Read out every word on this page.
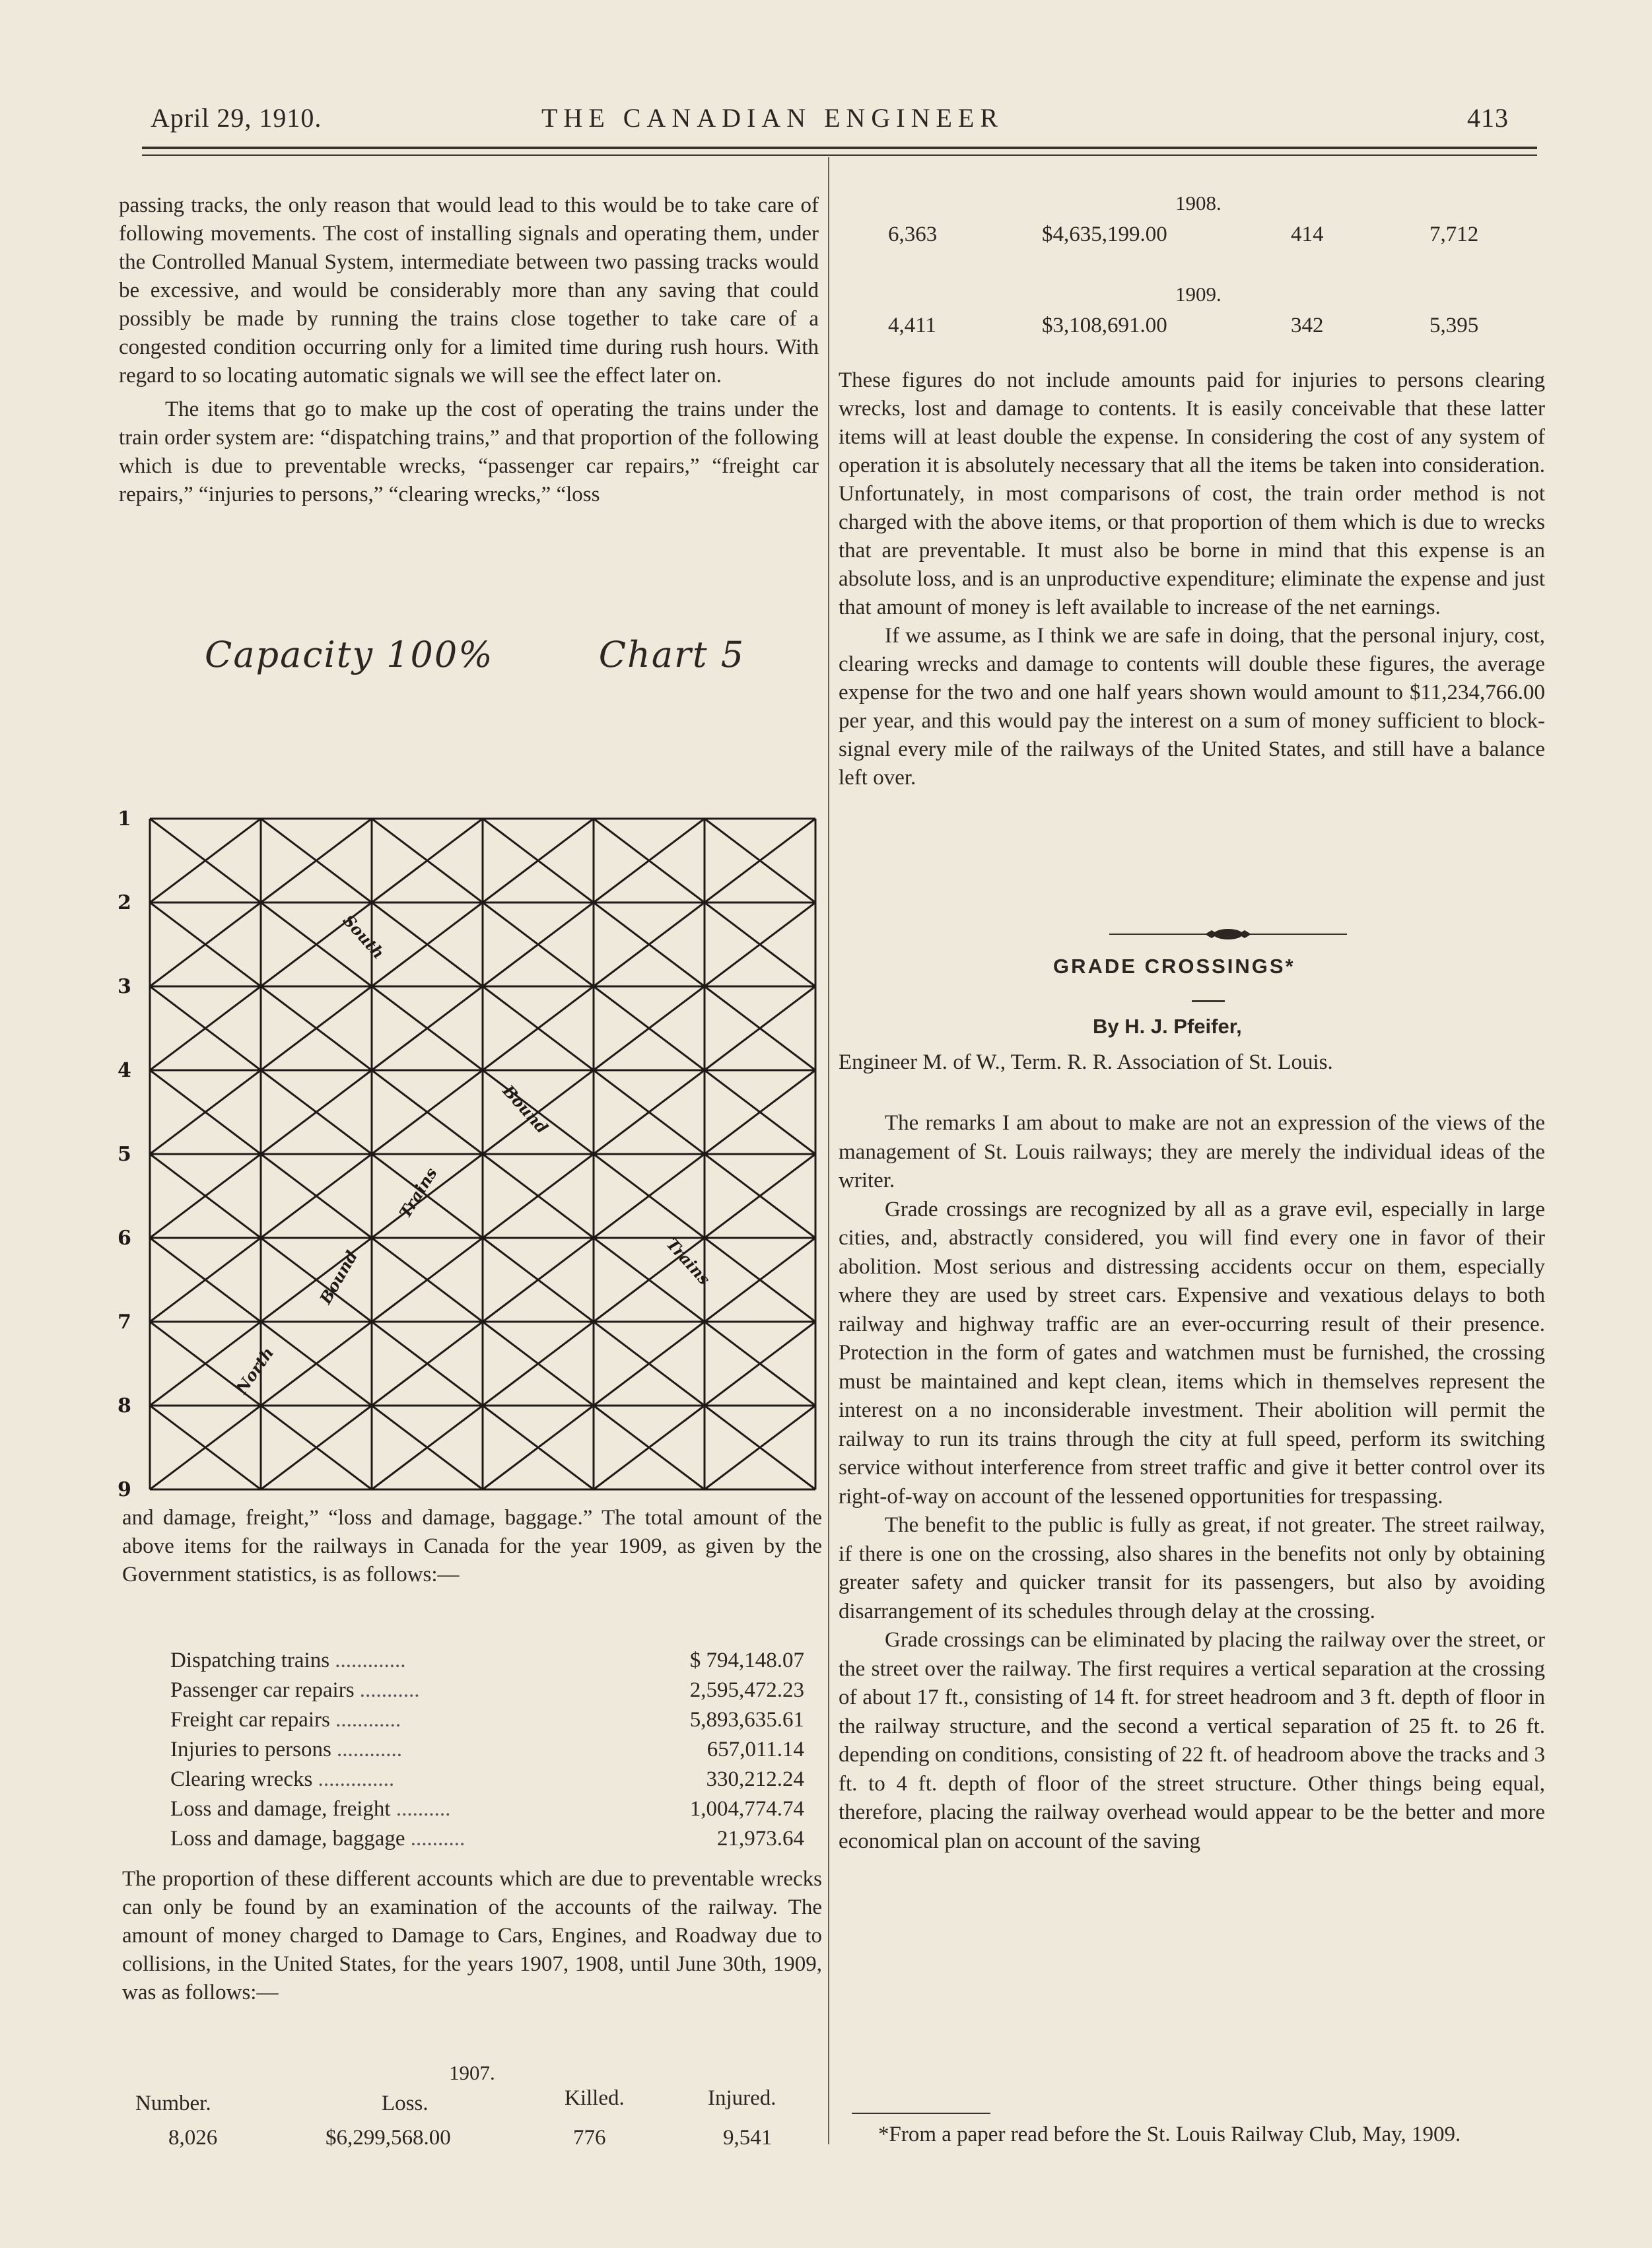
April 29, 1910.	THE CANADIAN ENGINEER	413

passing tracks, the only reason that would lead to this would be to take care of following movements. The cost of installing signals and operating them, under the Controlled Manual System, intermediate between two passing tracks would be excessive, and would be considerably more than any saving that could possibly be made by running the trains close together to take care of a congested condition occurring only for a limited time during rush hours. With regard to so locating automatic signals we will see the effect later on.

The items that go to make up the cost of operating the trains under the train order system are: “dispatching trains,” and that proportion of the following which is due to preventable wrecks, “passenger car repairs,” “freight car repairs,” “injuries to persons,” “clearing wrecks,” “loss

Capacity 100%	Chart 5
1
2
3
4
5
6
7
8
9
North
Bound
Trains
South
Bound
Trains

and damage, freight,” “loss and damage, baggage.” The total amount of the above items for the railways in Canada for the year 1909, as given by the Government statistics, is as follows:—

Dispatching trains .............	$ 794,148.07
Passenger car repairs ...........	2,595,472.23
Freight car repairs ............	5,893,635.61
Injuries to persons ............	657,011.14
Clearing wrecks ..............	330,212.24
Loss and damage, freight ..........	1,004,774.74
Loss and damage, baggage ..........	21,973.64

The proportion of these different accounts which are due to preventable wrecks can only be found by an examination of the accounts of the railway. The amount of money charged to Damage to Cars, Engines, and Roadway due to collisions, in the United States, for the years 1907, 1908, until June 30th, 1909, was as follows:—

1907.
Number.	Loss.	Killed.	Injured.
8,026	$6,299,568.00	776	9,541
1908.
6,363	$4,635,199.00	414	7,712
1909.
4,411	$3,108,691.00	342	5,395

These figures do not include amounts paid for injuries to persons clearing wrecks, lost and damage to contents. It is easily conceivable that these latter items will at least double the expense. In considering the cost of any system of operation it is absolutely necessary that all the items be taken into consideration. Unfortunately, in most comparisons of cost, the train order method is not charged with the above items, or that proportion of them which is due to wrecks that are preventable. It must also be borne in mind that this expense is an absolute loss, and is an unproductive expenditure; eliminate the expense and just that amount of money is left available to increase of the net earnings.

If we assume, as I think we are safe in doing, that the personal injury, cost, clearing wrecks and damage to contents will double these figures, the average expense for the two and one half years shown would amount to $11,234,766.00 per year, and this would pay the interest on a sum of money sufficient to block-signal every mile of the railways of the United States, and still have a balance left over.

GRADE CROSSINGS*
By H. J. Pfeifer,
Engineer M. of W., Term. R. R. Association of St. Louis.

The remarks I am about to make are not an expression of the views of the management of St. Louis railways; they are merely the individual ideas of the writer.

Grade crossings are recognized by all as a grave evil, especially in large cities, and, abstractly considered, you will find every one in favor of their abolition. Most serious and distressing accidents occur on them, especially where they are used by street cars. Expensive and vexatious delays to both railway and highway traffic are an ever-occurring result of their presence. Protection in the form of gates and watchmen must be furnished, the crossing must be maintained and kept clean, items which in themselves represent the interest on a no inconsiderable investment. Their abolition will permit the railway to run its trains through the city at full speed, perform its switching service without interference from street traffic and give it better control over its right-of-way on account of the lessened opportunities for trespassing.

The benefit to the public is fully as great, if not greater. The street railway, if there is one on the crossing, also shares in the benefits not only by obtaining greater safety and quicker transit for its passengers, but also by avoiding disarrangement of its schedules through delay at the crossing.

Grade crossings can be eliminated by placing the railway over the street, or the street over the railway. The first requires a vertical separation at the crossing of about 17 ft., consisting of 14 ft. for street headroom and 3 ft. depth of floor in the railway structure, and the second a vertical separation of 25 ft. to 26 ft. depending on conditions, consisting of 22 ft. of headroom above the tracks and 3 ft. to 4 ft. depth of floor of the street structure. Other things being equal, therefore, placing the railway overhead would appear to be the better and more economical plan on account of the saving

*From a paper read before the St. Louis Railway Club, May, 1909.
